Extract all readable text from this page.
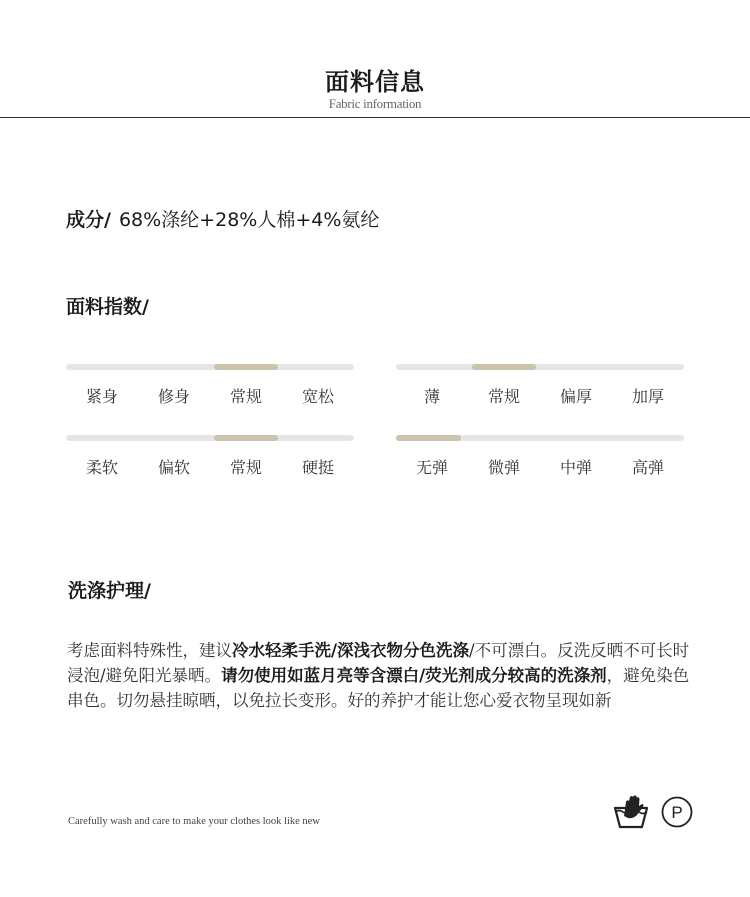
面料信息
Fabric information
成分/ 68%涤纶+28%人棉+4%氨纶
面料指数/
紧身	修身	常规	宽松	薄	常规	偏厚	加厚
柔软	偏软	常规	硬挺	无弹	微弹	中弹	高弹
洗涤护理/
考虑面料特殊性，建议冷水轻柔手洗/深浅衣物分色洗涤/不可漂白。反洗反晒不可长时浸泡/避免阳光暴晒。请勿使用如蓝月亮等含漂白/荧光剂成分较高的洗涤剂，避免染色串色。切勿悬挂晾晒，以免拉长变形。好的养护才能让您心爱衣物呈现如新
Carefully wash and care to make your clothes look like new	P
